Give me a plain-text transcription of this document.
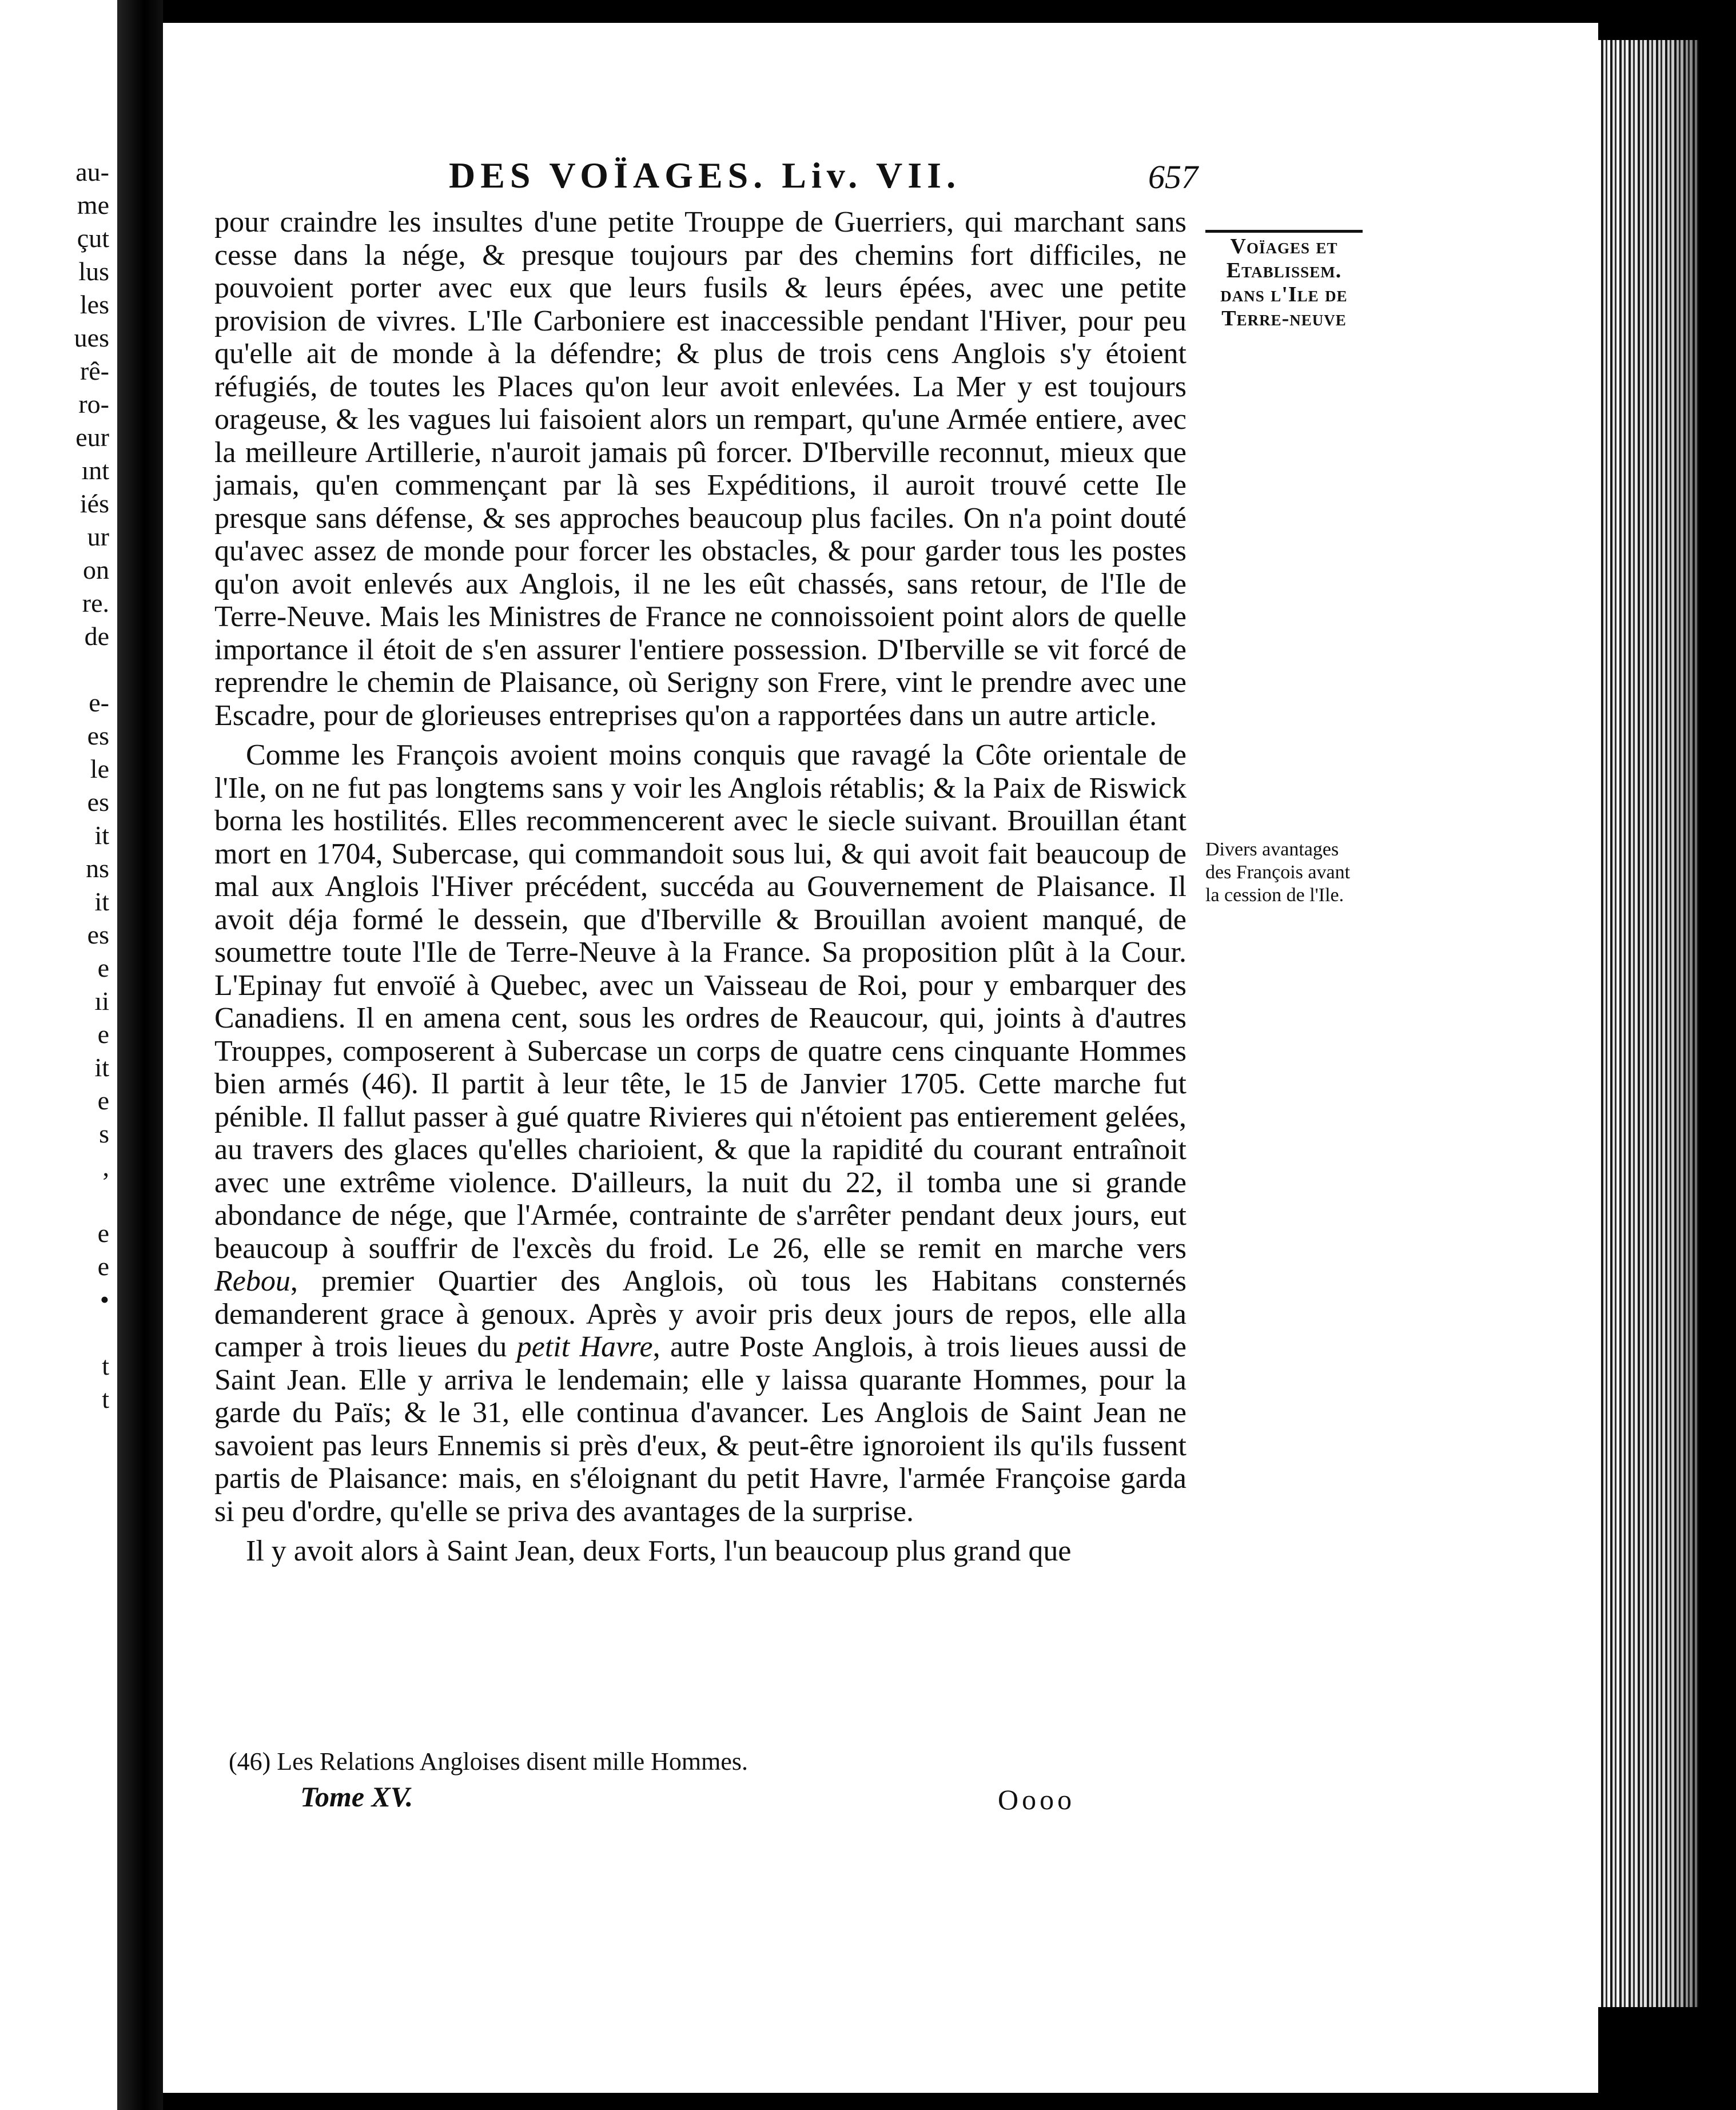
au-
me
çut
lus
les
ues
rê-
ro-
eur
ınt
iés
ur
on
re.
de
e-
es
le
es
it
ns
it
es
e
ıi
e
it
e
s
,
e
e
•
t
t
DES VOÏAGES. Liv. VII.	657
Voïages et
Etablissem.
dans l'Ile de
Terre-neuve
Divers avantages des François avant la cession de l'Ile.

pour craindre les insultes d'une petite Trouppe de Guerriers, qui marchant sans cesse dans la nége, & presque toujours par des chemins fort difficiles, ne pouvoient porter avec eux que leurs fusils & leurs épées, avec une petite provision de vivres. L'Ile Carboniere est inaccessible pendant l'Hiver, pour peu qu'elle ait de monde à la défendre; & plus de trois cens Anglois s'y étoient réfugiés, de toutes les Places qu'on leur avoit enlevées. La Mer y est toujours orageuse, & les vagues lui faisoient alors un rempart, qu'une Armée entiere, avec la meilleure Artillerie, n'auroit jamais pû forcer. D'Iberville reconnut, mieux que jamais, qu'en commençant par là ses Expéditions, il auroit trouvé cette Ile presque sans défense, & ses approches beaucoup plus faciles. On n'a point douté qu'avec assez de monde pour forcer les obstacles, & pour garder tous les postes qu'on avoit enlevés aux Anglois, il ne les eût chassés, sans retour, de l'Ile de Terre-Neuve. Mais les Ministres de France ne connoissoient point alors de quelle importance il étoit de s'en assurer l'entiere possession. D'Iberville se vit forcé de reprendre le chemin de Plaisance, où Serigny son Frere, vint le prendre avec une Escadre, pour de glorieuses entreprises qu'on a rapportées dans un autre article.

Comme les François avoient moins conquis que ravagé la Côte orientale de l'Ile, on ne fut pas longtems sans y voir les Anglois rétablis; & la Paix de Riswick borna les hostilités. Elles recommencerent avec le siecle suivant. Brouillan étant mort en 1704, Subercase, qui commandoit sous lui, & qui avoit fait beaucoup de mal aux Anglois l'Hiver précédent, succéda au Gouvernement de Plaisance. Il avoit déja formé le dessein, que d'Iberville & Brouillan avoient manqué, de soumettre toute l'Ile de Terre-Neuve à la France. Sa proposition plût à la Cour. L'Epinay fut envoïé à Quebec, avec un Vaisseau de Roi, pour y embarquer des Canadiens. Il en amena cent, sous les ordres de Reaucour, qui, joints à d'autres Trouppes, composerent à Subercase un corps de quatre cens cinquante Hommes bien armés (46). Il partit à leur tête, le 15 de Janvier 1705. Cette marche fut pénible. Il fallut passer à gué quatre Rivieres qui n'étoient pas entierement gelées, au travers des glaces qu'elles charioient, & que la rapidité du courant entraînoit avec une extrême violence. D'ailleurs, la nuit du 22, il tomba une si grande abondance de nége, que l'Armée, contrainte de s'arrêter pendant deux jours, eut beaucoup à souffrir de l'excès du froid. Le 26, elle se remit en marche vers Rebou, premier Quartier des Anglois, où tous les Habitans consternés demanderent grace à genoux. Après y avoir pris deux jours de repos, elle alla camper à trois lieues du petit Havre, autre Poste Anglois, à trois lieues aussi de Saint Jean. Elle y arriva le lendemain; elle y laissa quarante Hommes, pour la garde du Païs; & le 31, elle continua d'avancer. Les Anglois de Saint Jean ne savoient pas leurs Ennemis si près d'eux, & peut-être ignoroient ils qu'ils fussent partis de Plaisance: mais, en s'éloignant du petit Havre, l'armée Françoise garda si peu d'ordre, qu'elle se priva des avantages de la surprise.

Il y avoit alors à Saint Jean, deux Forts, l'un beaucoup plus grand que

(46) Les Relations Angloises disent mille Hommes.
Tome XV.	Oooo
